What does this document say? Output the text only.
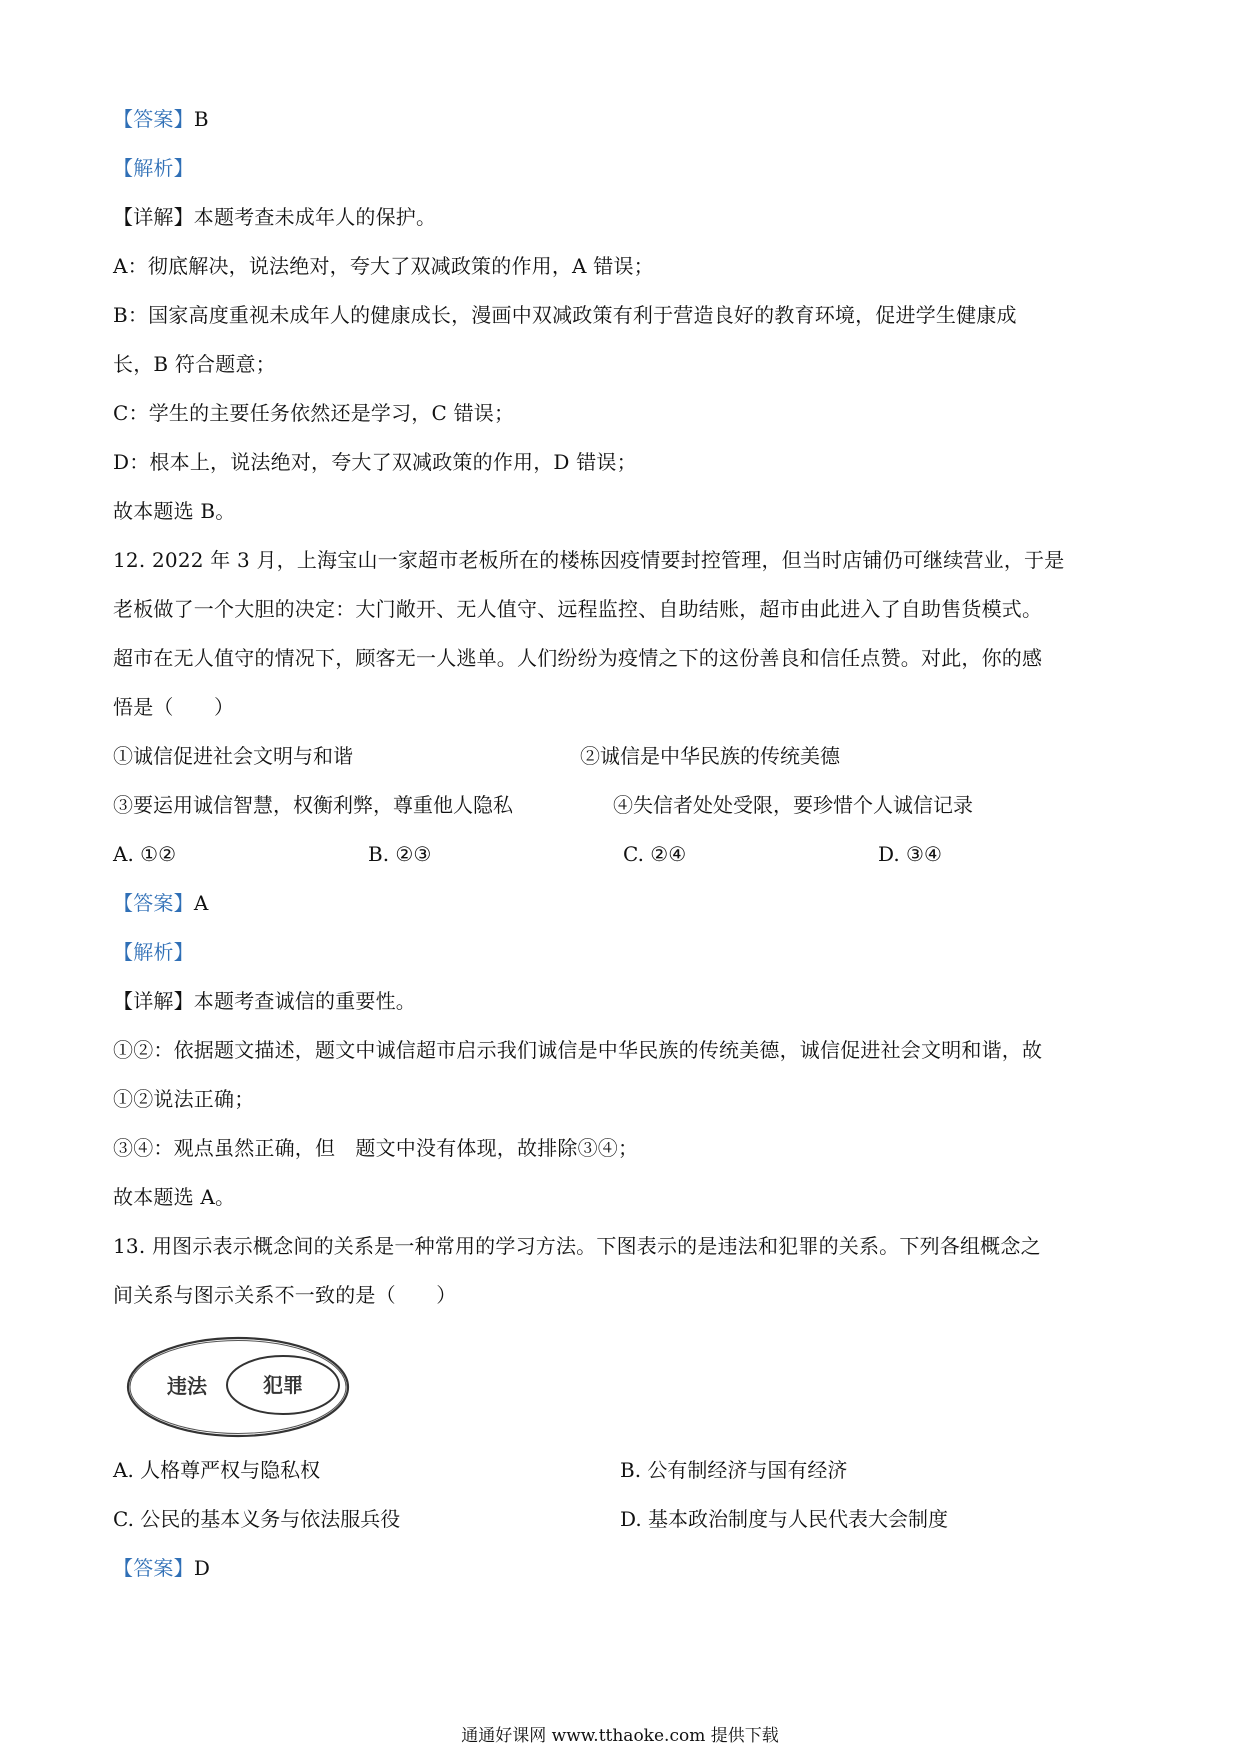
【答案】B
【解析】
【详解】本题考查未成年人的保护。
A：彻底解决，说法绝对，夸大了双减政策的作用，A 错误；
B：国家高度重视未成年人的健康成长，漫画中双减政策有利于营造良好的教育环境，促进学生健康成
长，B 符合题意；
C：学生的主要任务依然还是学习，C 错误；
D：根本上，说法绝对，夸大了双减政策的作用，D 错误；
故本题选 B。
12. 2022 年 3 月，上海宝山一家超市老板所在的楼栋因疫情要封控管理，但当时店铺仍可继续营业，于是
老板做了一个大胆的决定：大门敞开、无人值守、远程监控、自助结账，超市由此进入了自助售货模式。
超市在无人值守的情况下，顾客无一人逃单。人们纷纷为疫情之下的这份善良和信任点赞。对此，你的感
悟是（　　）
①诚信促进社会文明与和谐	②诚信是中华民族的传统美德
③要运用诚信智慧，权衡利弊，尊重他人隐私	④失信者处处受限，要珍惜个人诚信记录
A. ①②	B. ②③	C. ②④	D. ③④
【答案】A
【解析】
【详解】本题考查诚信的重要性。
①②：依据题文描述，题文中诚信超市启示我们诚信是中华民族的传统美德，诚信促进社会文明和谐，故
①②说法正确；
③④：观点虽然正确，但　题文中没有体现，故排除③④；
故本题选 A。
13. 用图示表示概念间的关系是一种常用的学习方法。下图表示的是违法和犯罪的关系。下列各组概念之
间关系与图示关系不一致的是（　　）
违法	犯罪
A. 人格尊严权与隐私权	B. 公有制经济与国有经济
C. 公民的基本义务与依法服兵役	D. 基本政治制度与人民代表大会制度
【答案】D
通通好课网 www.tthaoke.com 提供下载
